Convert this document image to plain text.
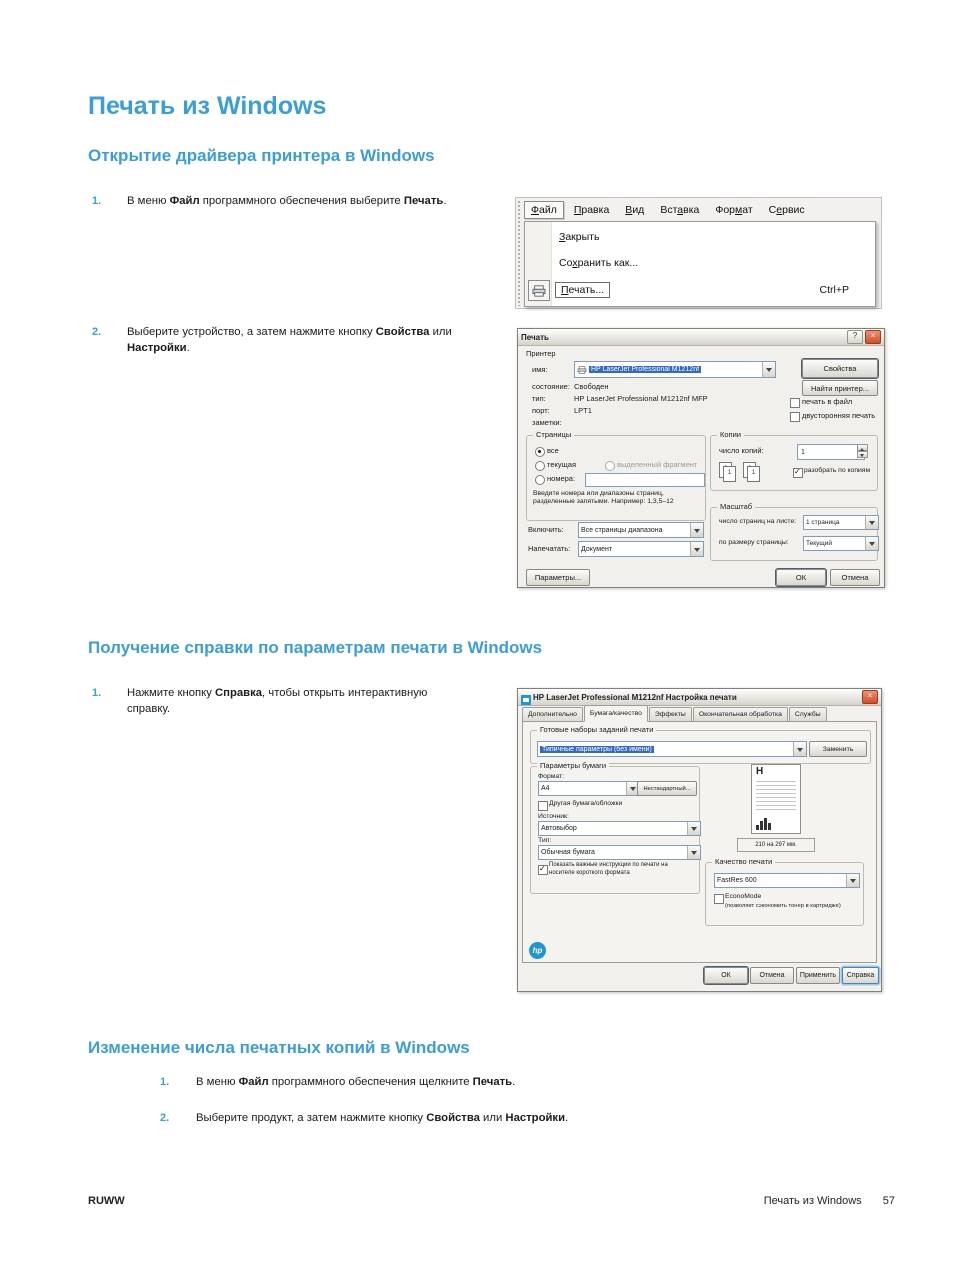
Печать из Windows
Открытие драйвера принтера в Windows
1. В меню Файл программного обеспечения выберите Печать.
Файл	Правка	Вид	Вставка	Формат	Сервис
Закрыть
Сохранить как...
Печать...	Ctrl+P
2. Выберите устройство, а затем нажмите кнопку Свойства или Настройки.
Печать	?	×
Принтер
имя:	HP LaserJet Professional M1212nf	Свойства
состояние: Свободен	Найти принтер...
тип:	HP LaserJet Professional M1212nf MFP
порт:	LPT1
заметки:
печать в файл
двусторонняя печать
Страницы
все
текущая	выделенный фрагмент
номера:
Введите номера или диапазоны страниц, разделенные запятыми. Например: 1,3,5–12
Копии
число копий:	1
1	1 ✓	разобрать по копиям
Включить: Все страницы диапазона
Напечатать: Документ
Масштаб
число страниц на листе: 1 страница
по размеру страницы:	Текущий
Параметры...	ОК	Отмена
Получение справки по параметрам печати в Windows
1. Нажмите кнопку Справка, чтобы открыть интерактивную справку.
HP LaserJet Professional M1212nf Настройка печати	×
Дополнительно	Бумага/качество	Эффекты	Окончательная обработка	Службы
Готовые наборы заданий печати
Типичные параметры (без имени)	Заменить
Параметры бумаги
Формат:
A4	Нестандартный...
Другая бумага/обложки
Источник:
Автовыбор
Тип:
Обычная бумага
✓
Показать важные инструкции по печати на носителе короткого формата
H
210 на 297 мм.
Качество печати
FastRes 600
EconoMode
(позволяет сэкономить тонер в картридже)
hp
ОК	Отмена	Применить	Справка
Изменение числа печатных копий в Windows
1. В меню Файл программного обеспечения щелкните Печать.
2. Выберите продукт, а затем нажмите кнопку Свойства или Настройки.
RUWW	Печать из Windows 57
